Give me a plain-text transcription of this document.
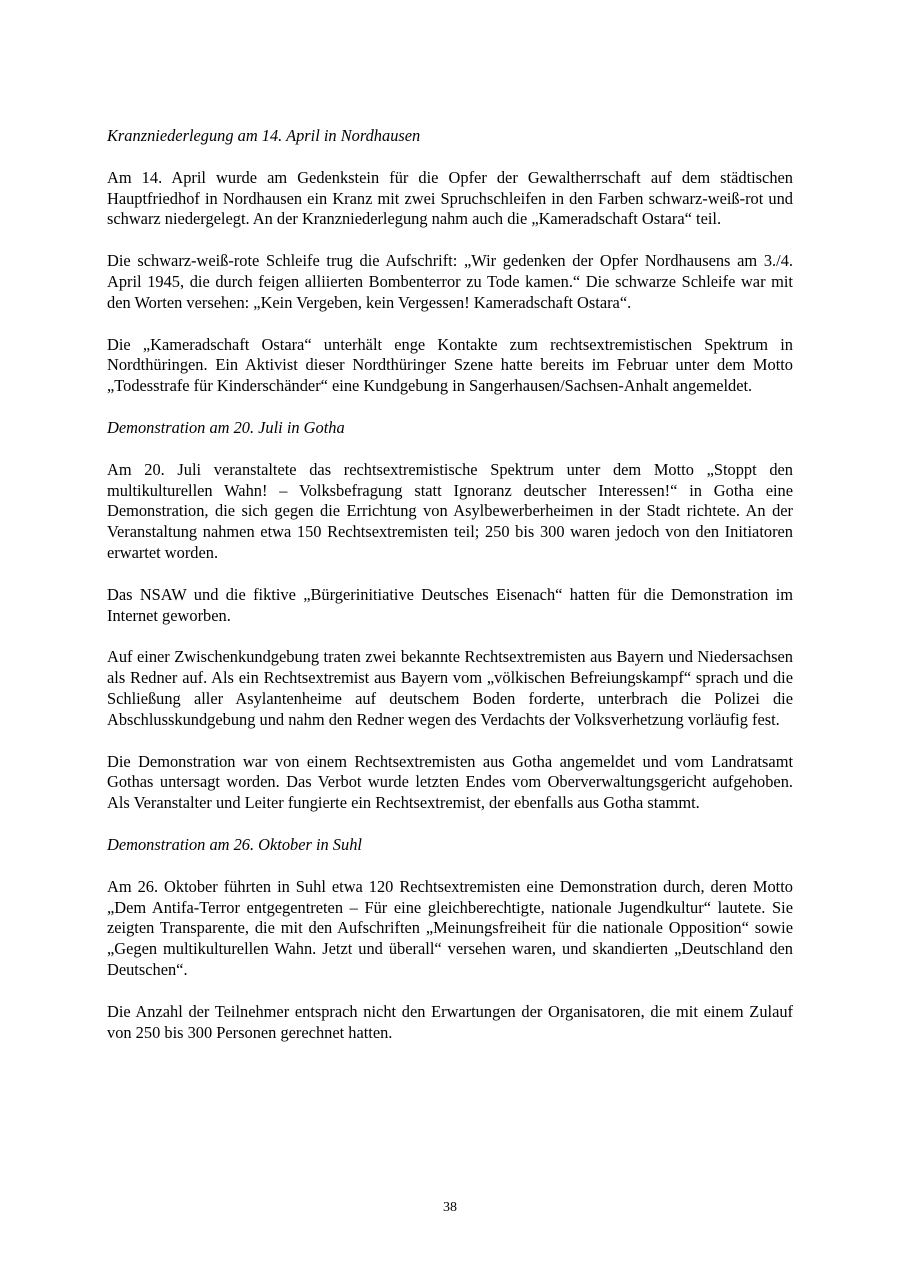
Kranzniederlegung am 14. April in Nordhausen

Am 14. April wurde am Gedenkstein für die Opfer der Gewaltherrschaft auf dem städtischen Hauptfriedhof in Nordhausen ein Kranz mit zwei Spruchschleifen in den Farben schwarz-weiß-rot und schwarz niedergelegt. An der Kranzniederlegung nahm auch die „Kameradschaft Ostara“ teil.

Die schwarz-weiß-rote Schleife trug die Aufschrift: „Wir gedenken der Opfer Nordhausens am 3./4. April 1945, die durch feigen alliierten Bombenterror zu Tode kamen.“ Die schwarze Schleife war mit den Worten versehen: „Kein Vergeben, kein Vergessen! Kameradschaft Ostara“.

Die „Kameradschaft Ostara“ unterhält enge Kontakte zum rechtsextremistischen Spektrum in Nordthüringen. Ein Aktivist dieser Nordthüringer Szene hatte bereits im Februar unter dem Motto „Todesstrafe für Kinderschänder“ eine Kundgebung in Sangerhausen/Sachsen-Anhalt angemeldet.

Demonstration am 20. Juli in Gotha

Am 20. Juli veranstaltete das rechtsextremistische Spektrum unter dem Motto „Stoppt den multikulturellen Wahn! – Volksbefragung statt Ignoranz deutscher Interessen!“ in Gotha eine Demonstration, die sich gegen die Errichtung von Asylbewerberheimen in der Stadt richtete. An der Veranstaltung nahmen etwa 150 Rechtsextremisten teil; 250 bis 300 waren jedoch von den Initiatoren erwartet worden.

Das NSAW und die fiktive „Bürgerinitiative Deutsches Eisenach“ hatten für die Demonstration im Internet geworben.

Auf einer Zwischenkundgebung traten zwei bekannte Rechtsextremisten aus Bayern und Niedersachsen als Redner auf. Als ein Rechtsextremist aus Bayern vom „völkischen Befreiungskampf“ sprach und die Schließung aller Asylantenheime auf deutschem Boden forderte, unterbrach die Polizei die Abschlusskundgebung und nahm den Redner wegen des Verdachts der Volksverhetzung vorläufig fest.

Die Demonstration war von einem Rechtsextremisten aus Gotha angemeldet und vom Landratsamt Gothas untersagt worden. Das Verbot wurde letzten Endes vom Oberverwaltungsgericht aufgehoben. Als Veranstalter und Leiter fungierte ein Rechtsextremist, der ebenfalls aus Gotha stammt.

Demonstration am 26. Oktober in Suhl

Am 26. Oktober führten in Suhl etwa 120 Rechtsextremisten eine Demonstration durch, deren Motto „Dem Antifa-Terror entgegentreten – Für eine gleichberechtigte, nationale Jugendkultur“ lautete. Sie zeigten Transparente, die mit den Aufschriften „Meinungsfreiheit für die nationale Opposition“ sowie „Gegen multikulturellen Wahn. Jetzt und überall“ versehen waren, und skandierten „Deutschland den Deutschen“.

Die Anzahl der Teilnehmer entsprach nicht den Erwartungen der Organisatoren, die mit einem Zulauf von 250 bis 300 Personen gerechnet hatten.

38
